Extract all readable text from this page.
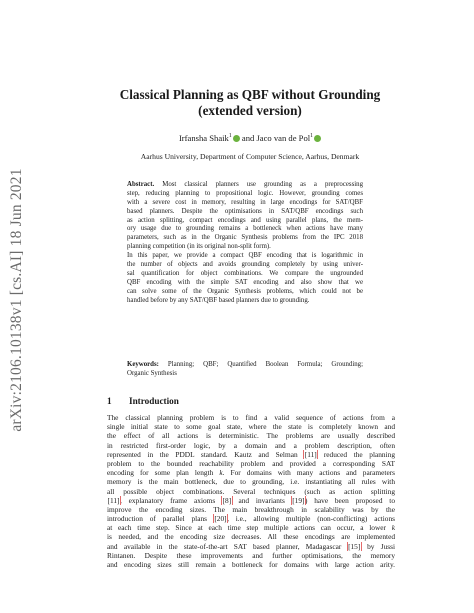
arXiv:2106.10138v1 [cs.AI] 18 Jun 2021
Classical Planning as QBF without Grounding
(extended version)
Irfansha Shaik$^1$ and Jaco van de Pol$^1$
Aarhus University, Department of Computer Science, Aarhus, Denmark
Abstract. Most classical planners use grounding as a preprocessing
step, reducing planning to propositional logic. However, grounding comes
with a severe cost in memory, resulting in large encodings for SAT/QBF
based planners. Despite the optimisations in SAT/QBF encodings such
as action splitting, compact encodings and using parallel plans, the mem-
ory usage due to grounding remains a bottleneck when actions have many
parameters, such as in the Organic Synthesis problems from the IPC 2018
planning competition (in its original non-split form).
In this paper, we provide a compact QBF encoding that is logarithmic in
the number of objects and avoids grounding completely by using univer-
sal quantification for object combinations. We compare the ungrounded
QBF encoding with the simple SAT encoding and also show that we
can solve some of the Organic Synthesis problems, which could not be
handled before by any SAT/QBF based planners due to grounding.
Keywords: Planning; QBF; Quantified Boolean Formula; Grounding;
Organic Synthesis
1 Introduction
The classical planning problem is to find a valid sequence of actions from a
single initial state to some goal state, where the state is completely known and
the effect of all actions is deterministic. The problems are usually described
in restricted first-order logic, by a domain and a problem description, often
represented in the PDDL standard. Kautz and Selman [11] reduced the planning
problem to the bounded reachability problem and provided a corresponding SAT
encoding for some plan length k. For domains with many actions and parameters
memory is the main bottleneck, due to grounding, i.e. instantiating all rules with
all possible object combinations. Several techniques (such as action splitting
[11], explanatory frame axioms [8] and invariants [19]) have been proposed to
improve the encoding sizes. The main breakthrough in scalability was by the
introduction of parallel plans [20], i.e., allowing multiple (non-conflicting) actions
at each time step. Since at each time step multiple actions can occur, a lower k
is needed, and the encoding size decreases. All these encodings are implemented
and available in the state-of-the-art SAT based planner, Madagascar [15] by Jussi
Rintanen. Despite these improvements and further optimisations, the memory
and encoding sizes still remain a bottleneck for domains with large action arity.
